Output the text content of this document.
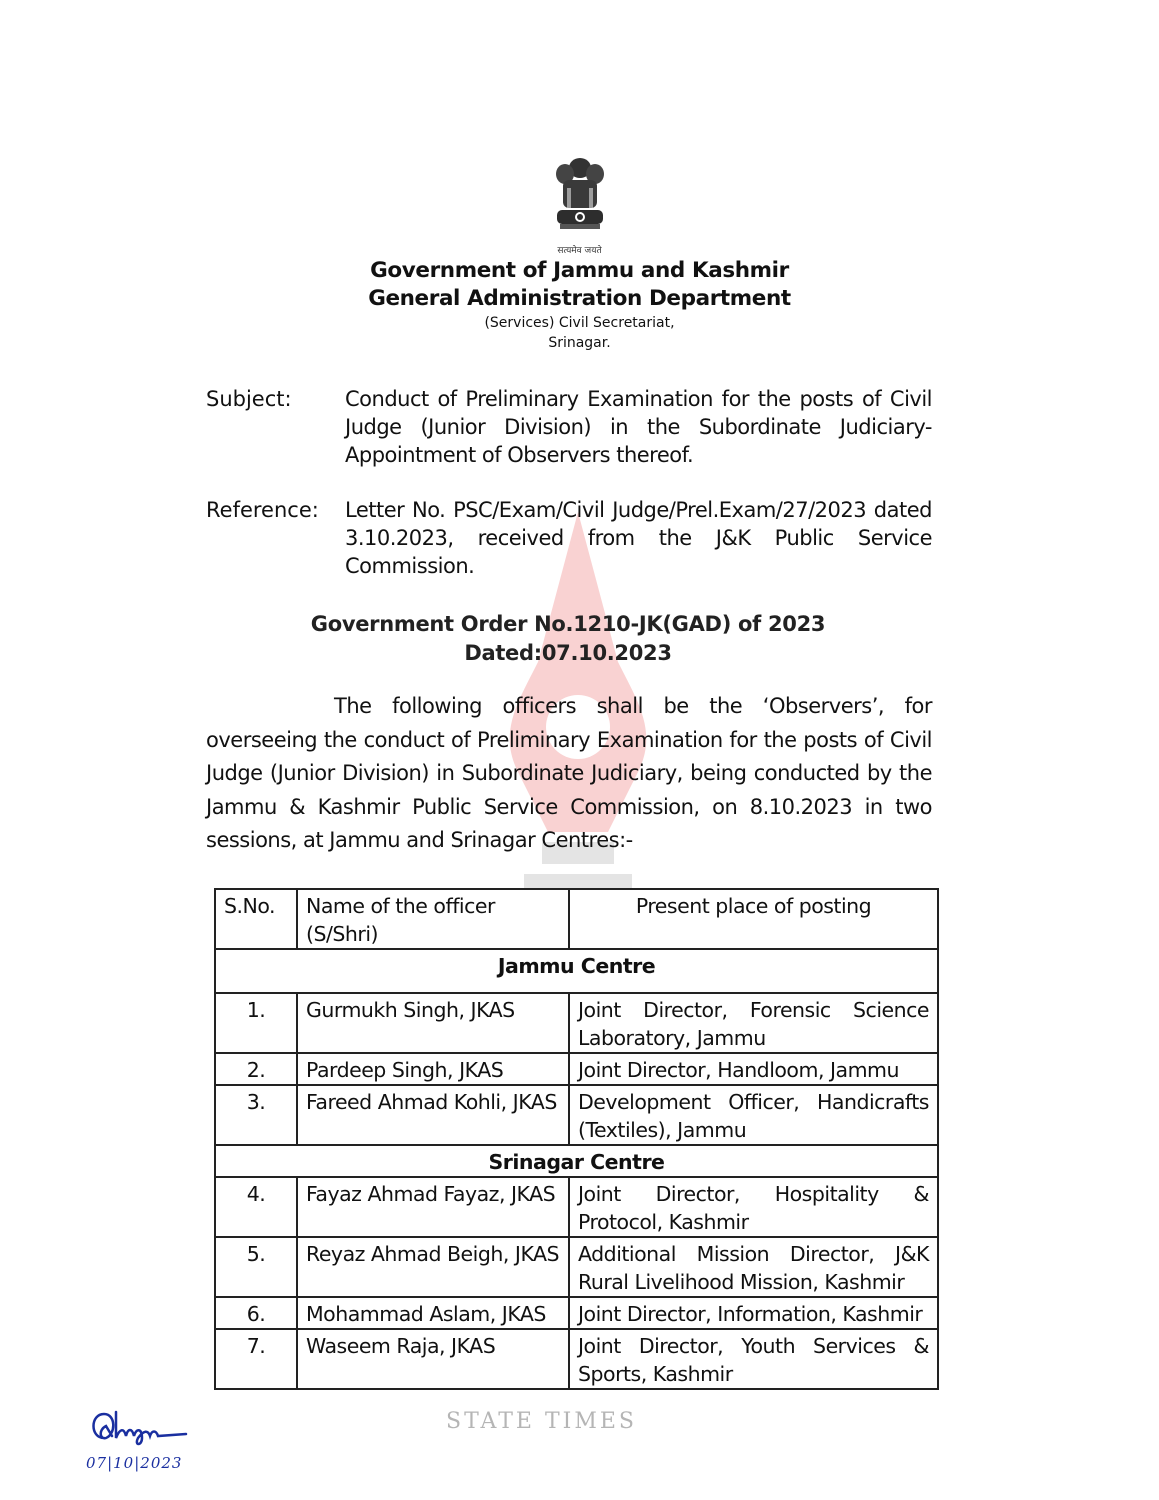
सत्यमेव जयते

Government of Jammu and Kashmir

General Administration Department

(Services) Civil Secretariat,

Srinagar.

Subject:	Conduct of Preliminary Examination for the posts of Civil Judge (Junior Division) in the Subordinate Judiciary-Appointment of Observers thereof.
Reference:	Letter No. PSC/Exam/Civil Judge/Prel.Exam/27/2023 dated 3.10.2023, received from the J&K Public Service Commission.

Government Order No.1210-JK(GAD) of 2023

Dated:07.10.2023

The following officers shall be the ‘Observers’, for overseeing the conduct of Preliminary Examination for the posts of Civil Judge (Junior Division) in Subordinate Judiciary, being conducted by the Jammu & Kashmir Public Service Commission, on 8.10.2023 in two sessions, at Jammu and Srinagar Centres:-
S.No.	Name of the officer (S/Shri)	Present place of posting
Jammu Centre		
1.	Gurmukh Singh, JKAS	Joint Director, Forensic Science Laboratory, Jammu
2.	Pardeep Singh, JKAS	Joint Director, Handloom, Jammu
3.	Fareed Ahmad Kohli, JKAS	Development Officer, Handicrafts (Textiles), Jammu
Srinagar Centre		
4.	Fayaz Ahmad Fayaz, JKAS	Joint Director, Hospitality & Protocol, Kashmir
5.	Reyaz Ahmad Beigh, JKAS	Additional Mission Director, J&K Rural Livelihood Mission, Kashmir
6.	Mohammad Aslam, JKAS	Joint Director, Information, Kashmir
7.	Waseem Raja, JKAS	Joint Director, Youth Services & Sports, Kashmir
07|10|2023
STATE TIMES
